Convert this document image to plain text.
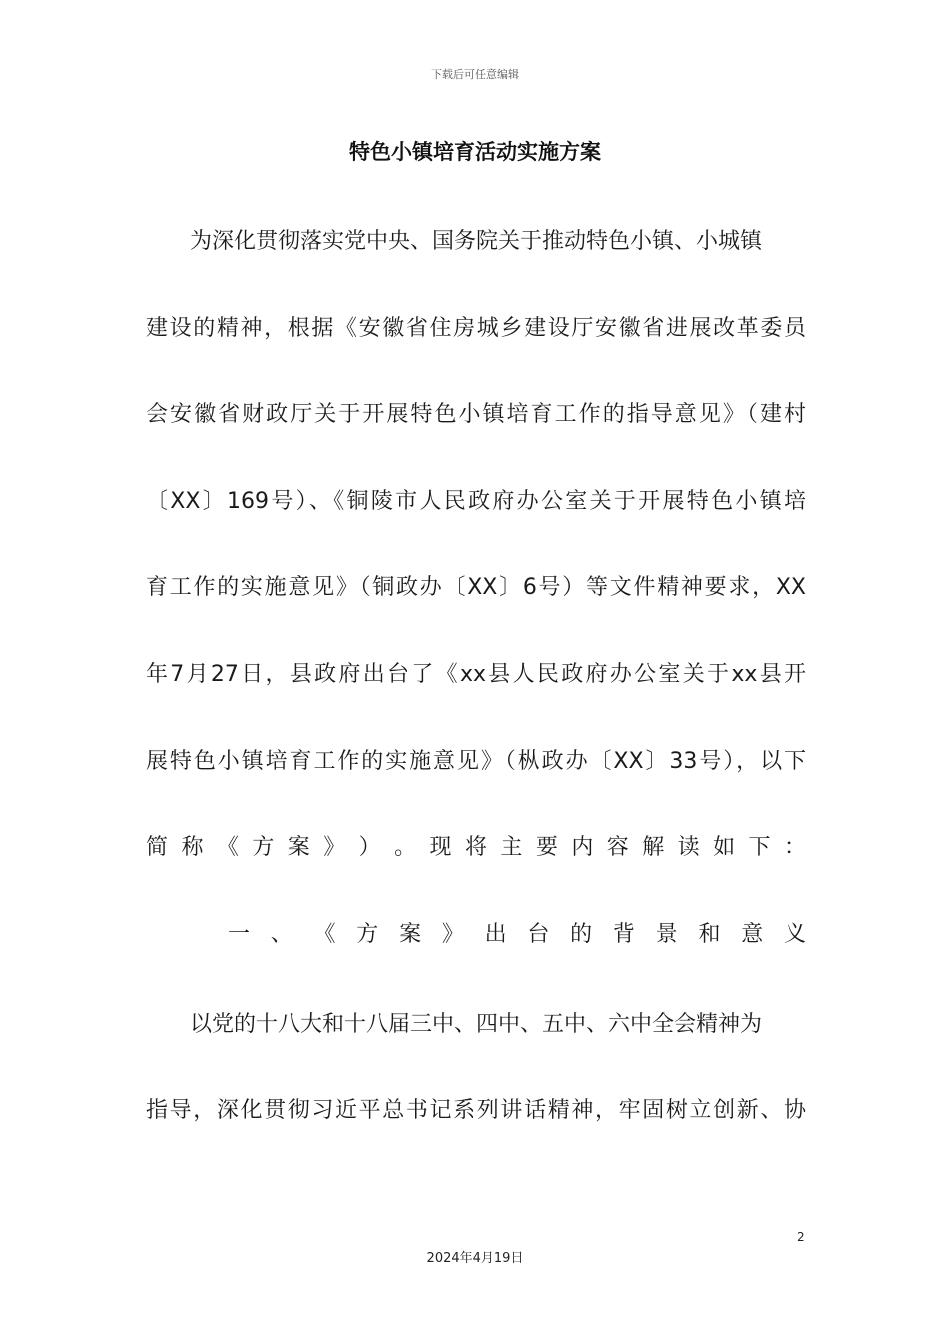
下载后可任意编辑
特色小镇培育活动实施方案
为深化贯彻落实党中央、国务院关于推动特色小镇、小城镇
建设的精神，根据《安徽省住房城乡建设厅安徽省进展改革委员
会安徽省财政厅关于开展特色小镇培育工作的指导意见》（建村
〔XX〕169号）、《铜陵市人民政府办公室关于开展特色小镇培
育工作的实施意见》（铜政办〔XX〕6号）等文件精神要求，XX
年7月27日，县政府出台了《xx县人民政府办公室关于xx县开
展特色小镇培育工作的实施意见》（枞政办〔XX〕33号），以下
简 称 《 方 案 》 ） 。 现 将 主 要 内 容 解 读 如 下 ：
一 、 《 方 案 》 出 台 的 背 景 和 意 义
以党的十八大和十八届三中、四中、五中、六中全会精神为
指导，深化贯彻习近平总书记系列讲话精神，牢固树立创新、协
2
2024年4月19日
